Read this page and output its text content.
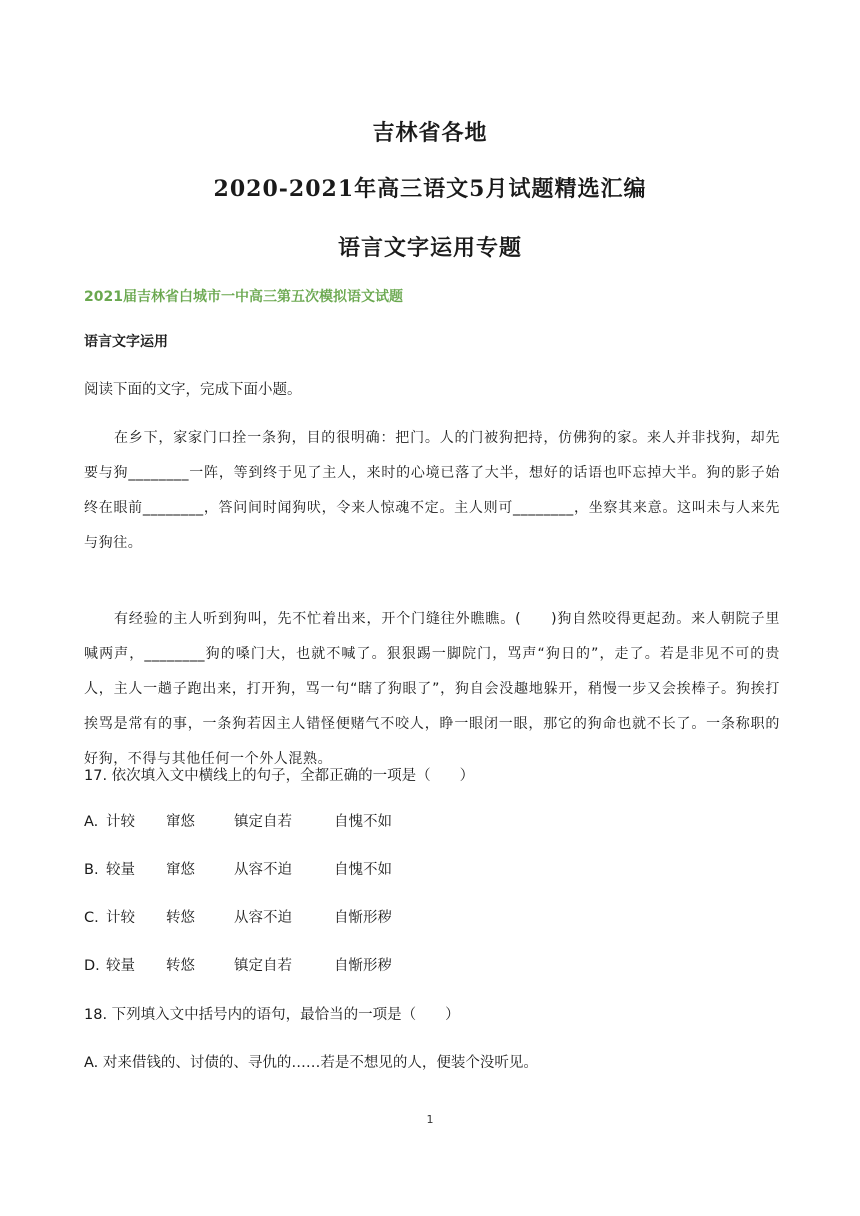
吉林省各地
2020-2021年高三语文5月试题精选汇编
语言文字运用专题
2021届吉林省白城市一中高三第五次模拟语文试题
语言文字运用
阅读下面的文字，完成下面小题。

在乡下，家家门口拴一条狗，目的很明确：把门。人的门被狗把持，仿佛狗的家。来人并非找狗，却先要与狗________一阵，等到终于见了主人，来时的心境已落了大半，想好的话语也吓忘掉大半。狗的影子始终在眼前________，答问间时闻狗吠，令来人惊魂不定。主人则可________，坐察其来意。这叫未与人来先与狗往。

有经验的主人听到狗叫，先不忙着出来，开个门缝往外瞧瞧。(　　)狗自然咬得更起劲。来人朝院子里喊两声，________狗的嗓门大，也就不喊了。狠狠踢一脚院门，骂声“狗日的”，走了。若是非见不可的贵人，主人一趟子跑出来，打开狗，骂一句“瞎了狗眼了”，狗自会没趣地躲开，稍慢一步又会挨棒子。狗挨打挨骂是常有的事，一条狗若因主人错怪便赌气不咬人，睁一眼闭一眼，那它的狗命也就不长了。一条称职的好狗，不得与其他任何一个外人混熟。

17. 依次填入文中横线上的句子，全都正确的一项是（　　）
A. 计较 窜悠	镇定自若	自愧不如
B. 较量 窜悠	从容不迫	自愧不如
C. 计较 转悠	从容不迫	自惭形秽
D. 较量 转悠	镇定自若	自惭形秽
18. 下列填入文中括号内的语句，最恰当的一项是（　　）
A. 对来借钱的、讨债的、寻仇的……若是不想见的人，便装个没听见。
1
